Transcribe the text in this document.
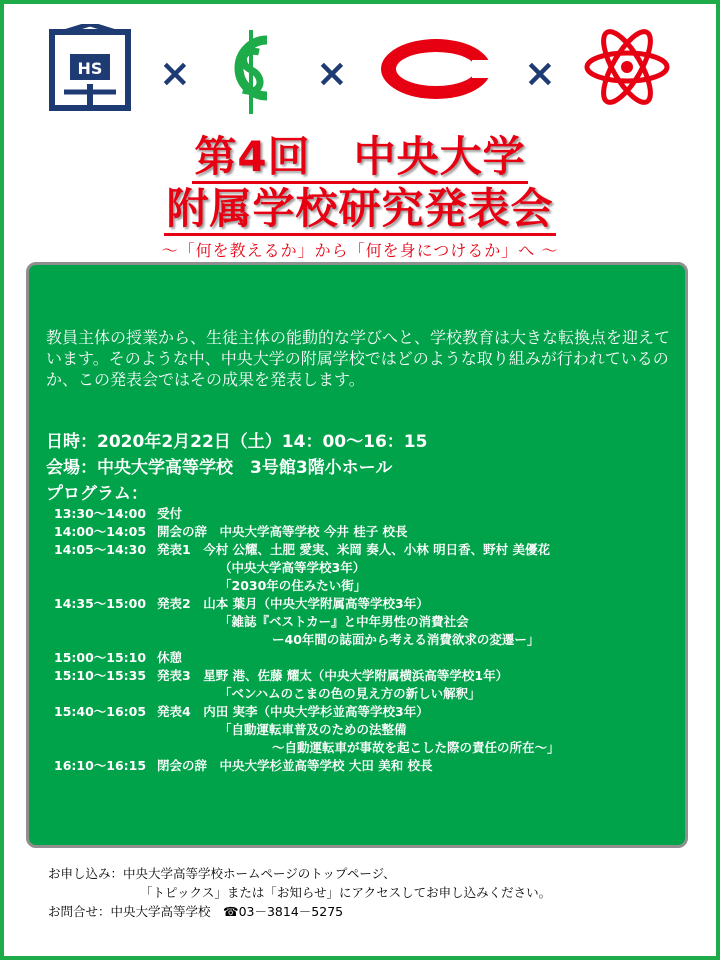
HS ×	×	×
第4回　中央大学
附属学校研究発表会
～「何を教えるか」から「何を身につけるか」へ ～
教員主体の授業から、生徒主体の能動的な学びへと、学校教育は大きな転換点を迎えています。そのような中、中央大学の附属学校ではどのような取り組みが行われているのか、この発表会ではその成果を発表します。
日時：2020年2月22日（土）14：00～16：15
会場：中央大学高等学校　3号館3階小ホール
プログラム：
13:30～14:00 受付
14:00～14:05 開会の辞　中央大学高等学校 今井 桂子 校長
14:05～14:30 発表1　今村 公耀、土肥 愛実、米岡 奏人、小林 明日香、野村 美優花
（中央大学高等学校3年）
「2030年の住みたい街」
14:35～15:00 発表2　山本 葉月（中央大学附属高等学校3年）
「雑誌『ベストカー』と中年男性の消費社会
ー40年間の誌面から考える消費欲求の変遷ー」
15:00～15:10 休憩
15:10～15:35 発表3　星野 港、佐藤 耀太（中央大学附属横浜高等学校1年）
「ベンハムのこまの色の見え方の新しい解釈」
15:40～16:05 発表4　内田 実李（中央大学杉並高等学校3年）
「自動運転車普及のための法整備
～自動運転車が事故を起こした際の責任の所在～」
16:10～16:15 閉会の辞　中央大学杉並高等学校 大田 美和 校長
お申し込み：中央大学高等学校ホームページのトップページ、
「トピックス」または「お知らせ」にアクセスしてお申し込みください。
お問合せ：中央大学高等学校　☎03－3814－5275
